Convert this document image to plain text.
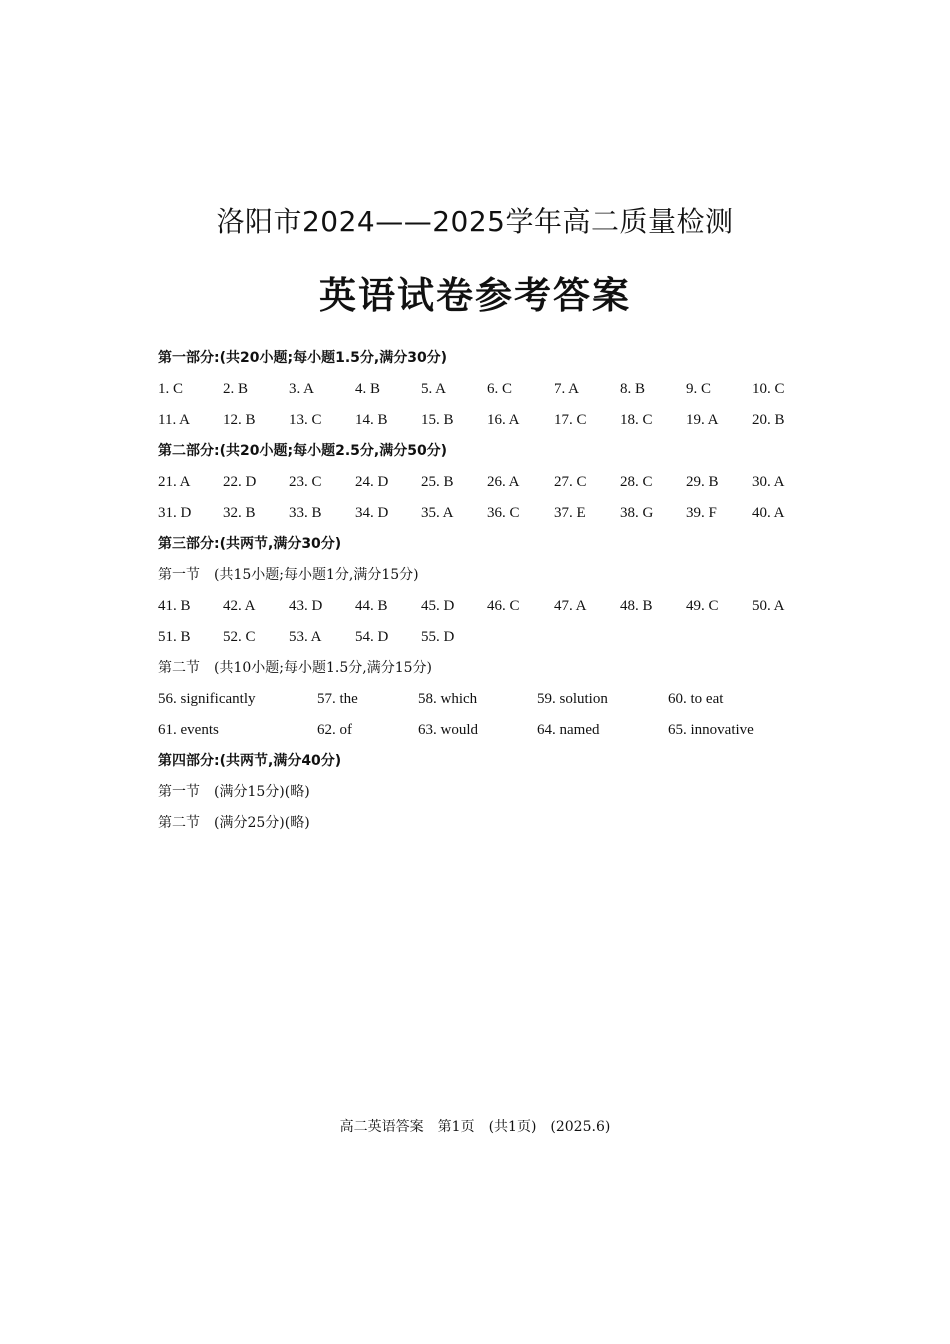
洛阳市2024——2025学年高二质量检测
英语试卷参考答案
第一部分:(共20小题;每小题1.5分,满分30分)
1. C	2. B	3. A	4. B	5. A	6. C	7. A	8. B	9. C	10. C
11. A 12. B 13. C 14. B 15. B 16. A 17. C 18. C 19. A 20. B
第二部分:(共20小题;每小题2.5分,满分50分)
21. A 22. D 23. C 24. D 25. B 26. A 27. C 28. C 29. B 30. A
31. D 32. B 33. B 34. D 35. A 36. C 37. E 38. G 39. F 40. A
第三部分:(共两节,满分30分)
第一节　(共15小题;每小题1分,满分15分)
41. B 42. A 43. D 44. B 45. D 46. C 47. A 48. B 49. C 50. A
51. B 52. C 53. A 54. D 55. D
第二节　(共10小题;每小题1.5分,满分15分)
56. significantly	57. the	58. which	59. solution	60. to eat
61. events	62. of	63. would	64. named	65. innovative
第四部分:(共两节,满分40分)
第一节　(满分15分)(略)
第二节　(满分25分)(略)
高二英语答案　第1页　(共1页)　(2025.6)
